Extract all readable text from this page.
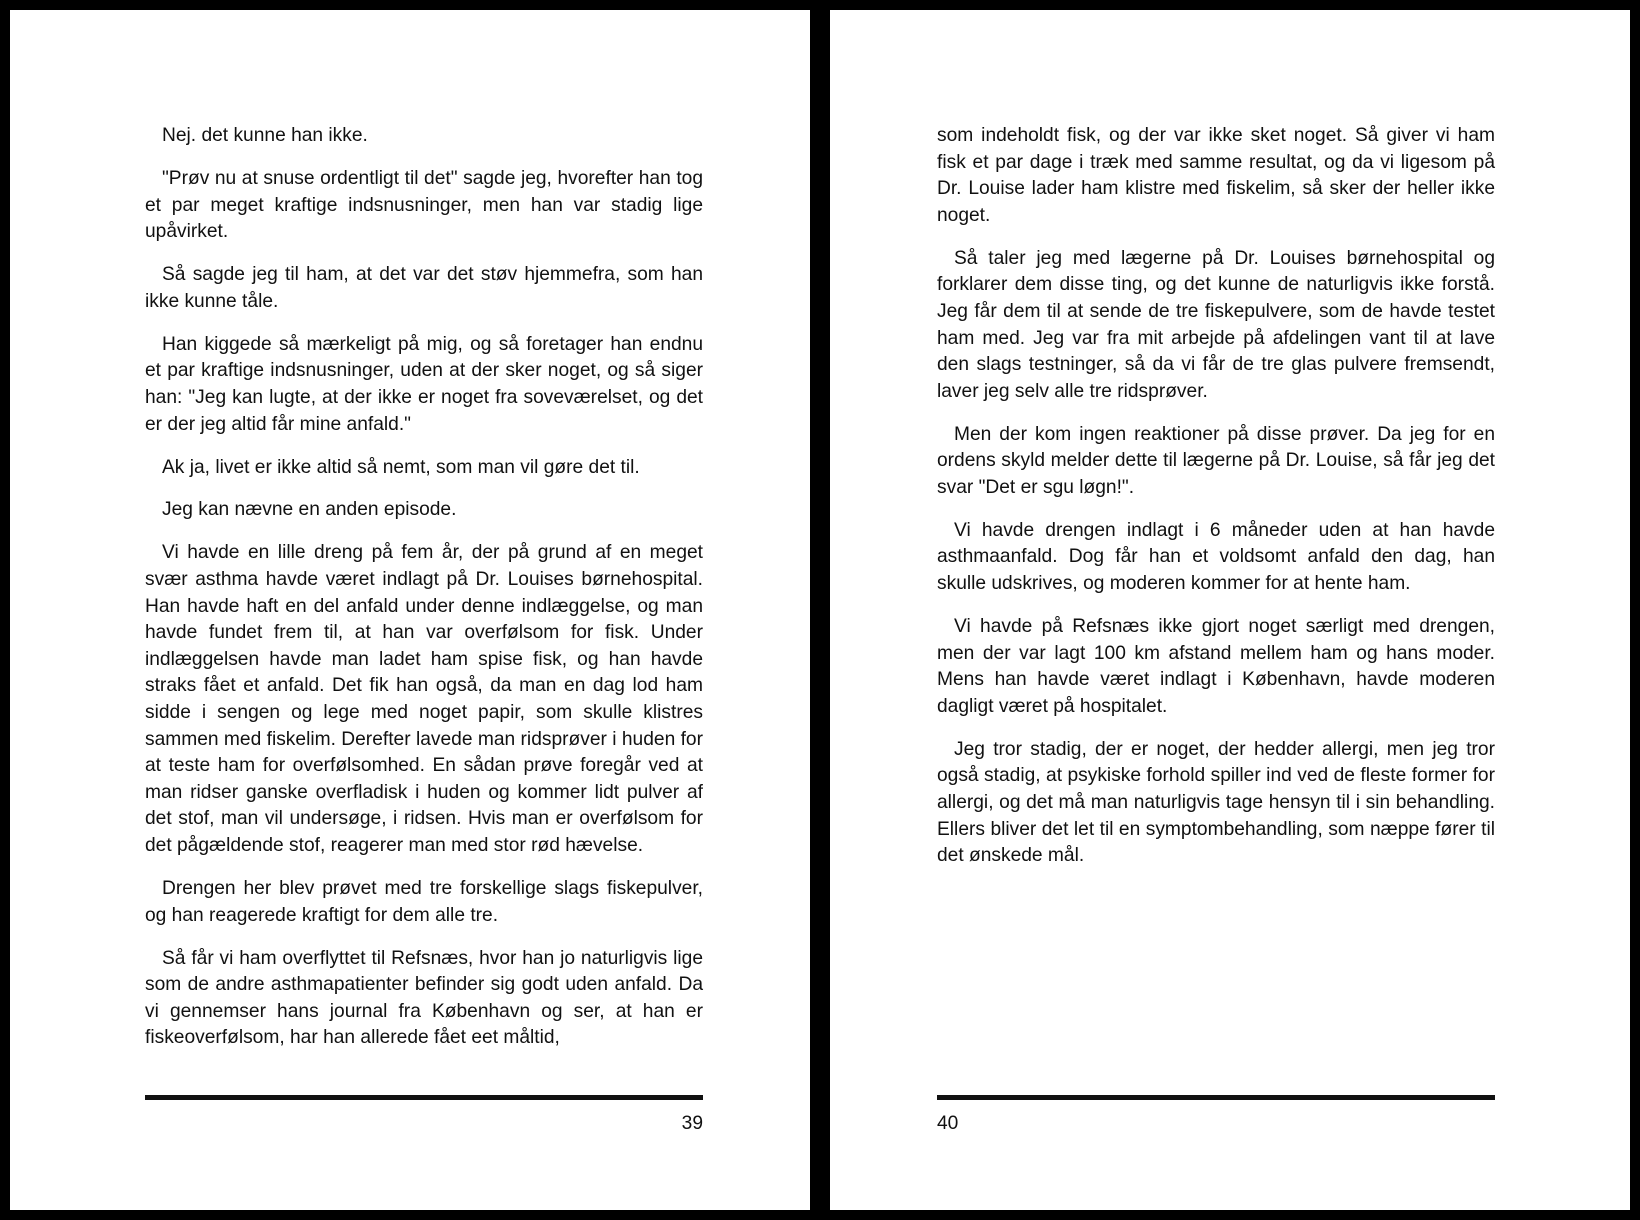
Nej. det kunne han ikke.

"Prøv nu at snuse ordentligt til det" sagde jeg, hvorefter han tog et par meget kraftige indsnusninger, men han var stadig lige upåvirket.

Så sagde jeg til ham, at det var det støv hjemmefra, som han ikke kunne tåle.

Han kiggede så mærkeligt på mig, og så foretager han endnu et par kraftige indsnusninger, uden at der sker noget, og så siger han: "Jeg kan lugte, at der ikke er noget fra soveværelset, og det er der jeg altid får mine anfald."

Ak ja, livet er ikke altid så nemt, som man vil gøre det til.

Jeg kan nævne en anden episode.

Vi havde en lille dreng på fem år, der på grund af en meget svær asthma havde været indlagt på Dr. Louises børnehospital. Han havde haft en del anfald under denne indlæggelse, og man havde fundet frem til, at han var overfølsom for fisk. Under indlæggelsen havde man ladet ham spise fisk, og han havde straks fået et anfald. Det fik han også, da man en dag lod ham sidde i sengen og lege med noget papir, som skulle klistres sammen med fiskelim. Derefter lavede man ridsprøver i huden for at teste ham for overfølsomhed. En sådan prøve foregår ved at man ridser ganske overfladisk i huden og kommer lidt pulver af det stof, man vil undersøge, i ridsen. Hvis man er overfølsom for det pågældende stof, reagerer man med stor rød hævelse.

Drengen her blev prøvet med tre forskellige slags fiskepulver, og han reagerede kraftigt for dem alle tre.

Så får vi ham overflyttet til Refsnæs, hvor han jo naturligvis lige som de andre asthmapatienter befinder sig godt uden anfald. Da vi gennemser hans journal fra København og ser, at han er fiskeoverfølsom, har han allerede fået eet måltid,

39

som indeholdt fisk, og der var ikke sket noget. Så giver vi ham fisk et par dage i træk med samme resultat, og da vi ligesom på Dr. Louise lader ham klistre med fiskelim, så sker der heller ikke noget.

Så taler jeg med lægerne på Dr. Louises børnehospital og forklarer dem disse ting, og det kunne de naturligvis ikke forstå. Jeg får dem til at sende de tre fiskepulvere, som de havde testet ham med. Jeg var fra mit arbejde på afdelingen vant til at lave den slags testninger, så da vi får de tre glas pulvere fremsendt, laver jeg selv alle tre ridsprøver.

Men der kom ingen reaktioner på disse prøver. Da jeg for en ordens skyld melder dette til lægerne på Dr. Louise, så får jeg det svar "Det er sgu løgn!".

Vi havde drengen indlagt i 6 måneder uden at han havde asthmaanfald. Dog får han et voldsomt anfald den dag, han skulle udskrives, og moderen kommer for at hente ham.

Vi havde på Refsnæs ikke gjort noget særligt med drengen, men der var lagt 100 km afstand mellem ham og hans moder. Mens han havde været indlagt i København, havde moderen dagligt været på hospitalet.

Jeg tror stadig, der er noget, der hedder allergi, men jeg tror også stadig, at psykiske forhold spiller ind ved de fleste former for allergi, og det må man naturligvis tage hensyn til i sin behandling. Ellers bliver det let til en symptombehandling, som næppe fører til det ønskede mål.

40
